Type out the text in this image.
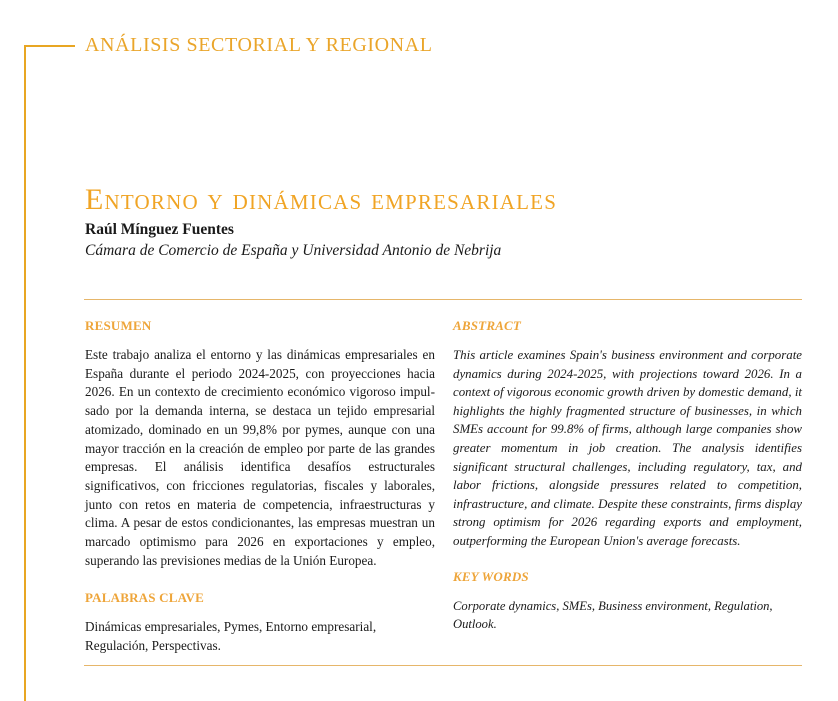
ANÁLISIS SECTORIAL Y REGIONAL
Entorno y dinámicas empresariales
Raúl Mínguez Fuentes
Cámara de Comercio de España y Universidad Antonio de Nebrija
RESUMEN

Este trabajo analiza el entorno y las dinámicas empresariales en España durante el periodo 2024-2025, con proyecciones hacia 2026. En un contexto de crecimiento económico vigoroso impulsado por la demanda interna, se destaca un tejido empresarial atomizado, dominado en un 99,8% por pymes, aunque con una mayor tracción en la creación de empleo por parte de las grandes empresas. El análisis identifica desafíos estructurales significativos, con fricciones regulatorias, fiscales y laborales, junto con retos en materia de competencia, infraestructuras y clima. A pesar de estos condicionantes, las empresas muestran un marcado optimismo para 2026 en exportaciones y empleo, superando las previsiones medias de la Unión Europea.

PALABRAS CLAVE

Dinámicas empresariales, Pymes, Entorno empresarial, Regulación, Perspectivas.

ABSTRACT

This article examines Spain's business environment and corporate dynamics during 2024-2025, with projections toward 2026. In a context of vigorous economic growth driven by domestic demand, it highlights the highly fragmented structure of businesses, in which SMEs account for 99.8% of firms, although large companies show greater momentum in job creation. The analysis identifies significant structural challenges, including regulatory, tax, and labor frictions, alongside pressures related to competition, infrastructure, and climate. Despite these constraints, firms display strong optimism for 2026 regarding exports and employment, outperforming the European Union's average forecasts.

KEY WORDS

Corporate dynamics, SMEs, Business environment, Regulation, Outlook.
